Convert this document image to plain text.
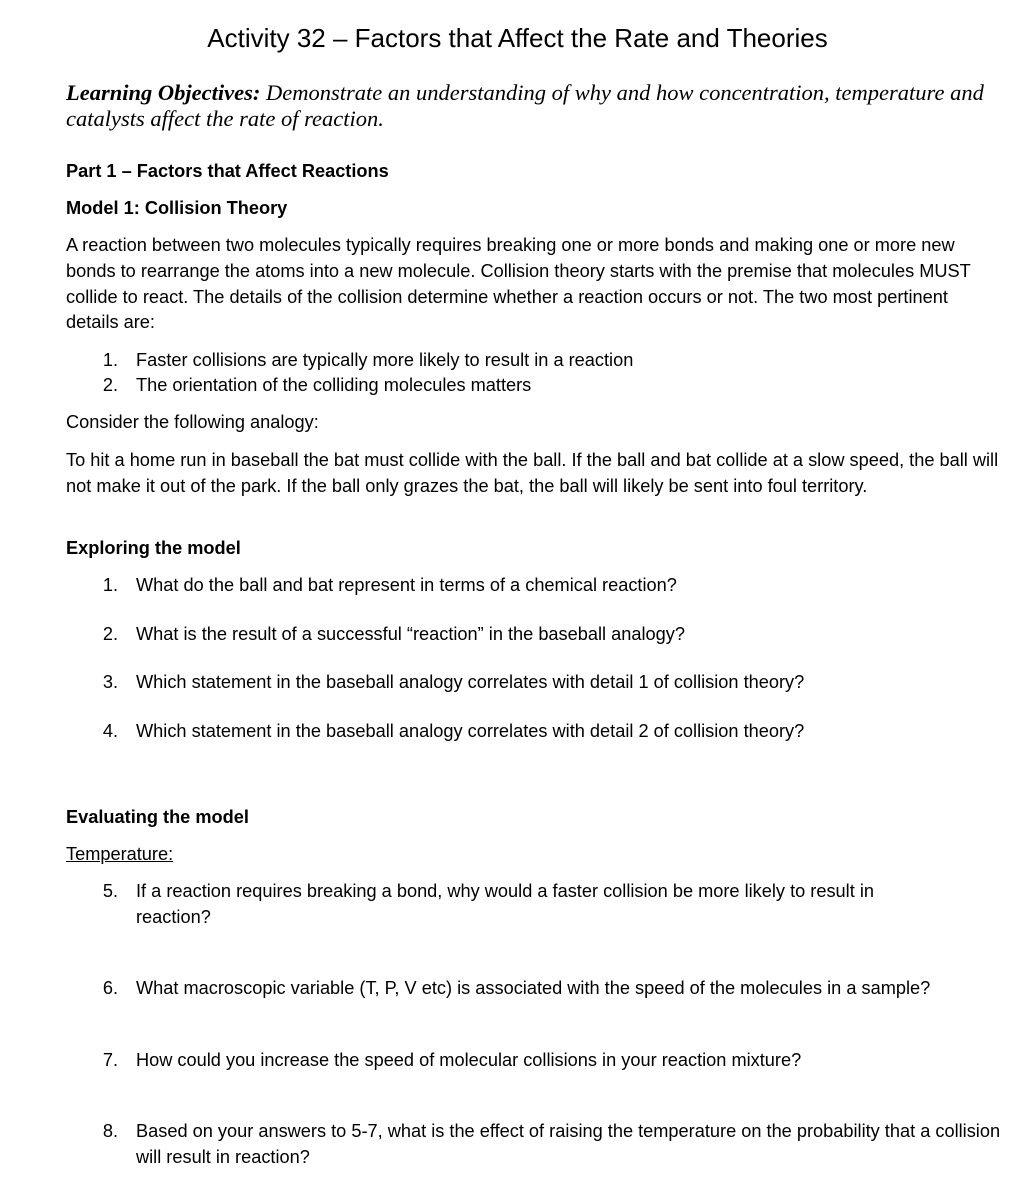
Activity 32 – Factors that Affect the Rate and Theories

Learning Objectives: Demonstrate an understanding of why and how concentration, temperature and catalysts affect the rate of reaction.

Part 1 – Factors that Affect Reactions
Model 1: Collision Theory

A reaction between two molecules typically requires breaking one or more bonds and making one or more new bonds to rearrange the atoms into a new molecule. Collision theory starts with the premise that molecules MUST collide to react. The details of the collision determine whether a reaction occurs or not. The two most pertinent details are:

1. Faster collisions are typically more likely to result in a reaction
2. The orientation of the colliding molecules matters
Consider the following analogy:

To hit a home run in baseball the bat must collide with the ball. If the ball and bat collide at a slow speed, the ball will not make it out of the park. If the ball only grazes the bat, the ball will likely be sent into foul territory.

Exploring the model
1. What do the ball and bat represent in terms of a chemical reaction?
2. What is the result of a successful “reaction” in the baseball analogy?
3. Which statement in the baseball analogy correlates with detail 1 of collision theory?
4. Which statement in the baseball analogy correlates with detail 2 of collision theory?
Evaluating the model
Temperature:
5. If a reaction requires breaking a bond, why would a faster collision be more likely to result in reaction?
6. What macroscopic variable (T, P, V etc) is associated with the speed of the molecules in a sample?
7. How could you increase the speed of molecular collisions in your reaction mixture?
8. Based on your answers to 5-7, what is the effect of raising the temperature on the probability that a collision will result in reaction?
